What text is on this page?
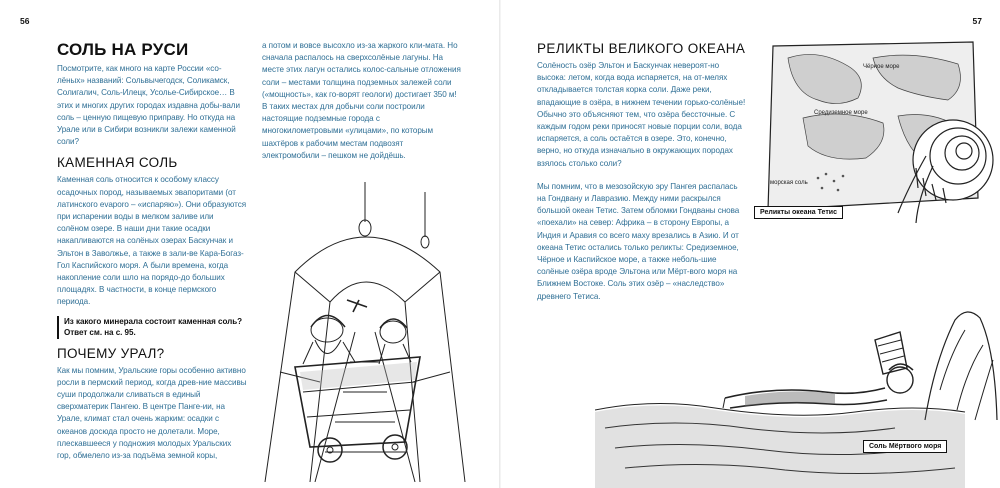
56
СОЛЬ НА РУСИ

Посмотрите, как много на карте России «со-лёных» названий: Сольвычегодск, Соликамск, Солигалич, Соль-Илецк, Усолье-Сибирское… В этих и многих других городах издавна добы-вали соль – ценную пищевую приправу. Но откуда на Урале или в Сибири возникли залежи каменной соли?

КАМЕННАЯ СОЛЬ

Каменная соль относится к особому классу осадочных пород, называемых эвапоритами (от латинского evaporo – «испаряю»). Они образуются при испарении воды в мелком заливе или солёном озере. В наши дни такие осадки накапливаются на солёных озерах Баскунчак и Эльтон в Заволжье, а также в зали-ве Кара-Богаз-Гол Каспийского моря. А были времена, когда накопление соли шло на порядо-до больших площадях. В частности, в конце пермского периода.

Из какого минерала состоит каменная соль?
Ответ см. на с. 95.
ПОЧЕМУ УРАЛ?

Как мы помним, Уральские горы особенно активно росли в пермский период, когда древ-ние массивы суши продолжали сливаться в единый сверхматерик Пангею. В центре Панге-ии, на Урале, климат стал очень жарким: осадки с океанов досюда просто не долетали. Море, плескавшееся у подножия молодых Уральских гор, обмелело из-за подъёма земной коры,

а потом и вовсе высохло из-за жаркого кли-мата. Но сначала распалось на сверхсолёные лагуны. На месте этих лагун остались колос-сальные отложения соли – местами толщина подземных залежей соли («мощность», как го-ворят геологи) достигает 350 м! В таких местах для добычи соли построили настоящие подземные города с многокилометровыми «улицами», по которым шахтёров к рабочим местам подвозят электромобили – пешком не дойдёшь.

57
РЕЛИКТЫ ВЕЛИКОГО ОКЕАНА

Солёность озёр Эльтон и Баскунчак невероят-но высока: летом, когда вода испаряется, на от-мелях откладывается толстая корка соли. Даже реки, впадающие в озёра, в нижнем течении горько-солёные! Обычно это объясняют тем, что озёра бессточные. С каждым годом реки приносят новые порции соли, вода испаряется, а соль остаётся в озере. Это, конечно, верно, но откуда изначально в окружающих породах взялось столько соли?

Мы помним, что в мезозойскую эру Пангея распалась на Гондвану и Лавразию. Между ними раскрылся большой океан Тетис. Затем обломки Гондваны снова «поехали» на север: Африка – в сторону Европы, а Индия и Аравия со всего маху врезались в Азию. И от океана Тетис остались только реликты: Средиземное, Чёрное и Каспийское море, а также неболь-шие солёные озёра вроде Эльтона или Мёрт-вого моря на Ближнем Востоке. Соль этих озёр – «наследство» древнего Тетиса.

Чёрное море
Средиземное море
морская соль
Реликты океана Тетис
Соль Мёртвого моря
